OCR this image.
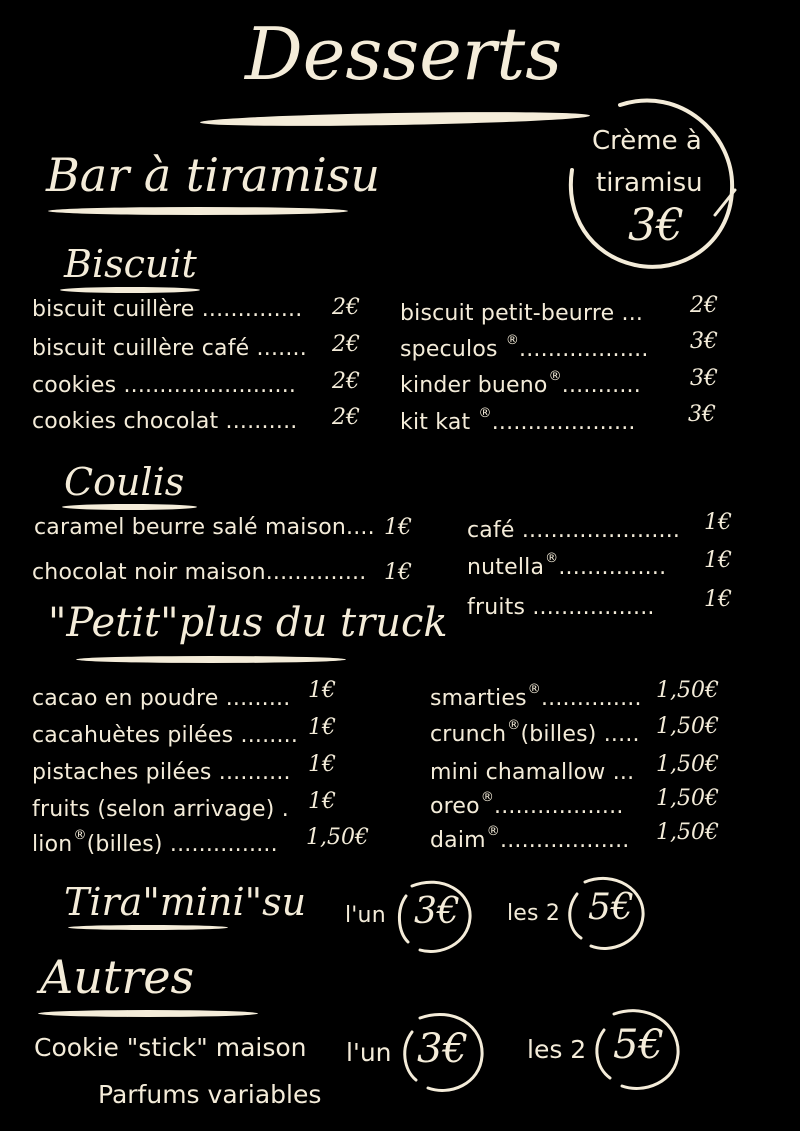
Desserts
Crème à
tiramisu
3€
Bar à tiramisu
Biscuit
biscuit cuillère .............. 2€
biscuit cuillère café ....... 2€
cookies ........................ 2€
cookies chocolat .......... 2€
biscuit petit-beurre ... 2€
speculos ®.................. 3€
kinder bueno®........... 3€
kit kat ®.................... 3€
Coulis
caramel beurre salé maison.... 1€
chocolat noir maison.............. 1€
café ...................... 1€
nutella®............... 1€
fruits ................. 1€
"Petit"plus du truck
cacao en poudre ......... 1€
cacahuètes pilées ........ 1€
pistaches pilées .......... 1€
fruits (selon arrivage) . 1€
lion®(billes) ............... 1,50€
smarties®.............. 1,50€
crunch®(billes) ..... 1,50€
mini chamallow ... 1,50€
oreo®.................. 1,50€
daim®.................. 1,50€
Tira"mini"su l'un 3€ les 2 5€
Autres
Cookie "stick" maison
Parfums variables
l'un 3€ les 2 5€
